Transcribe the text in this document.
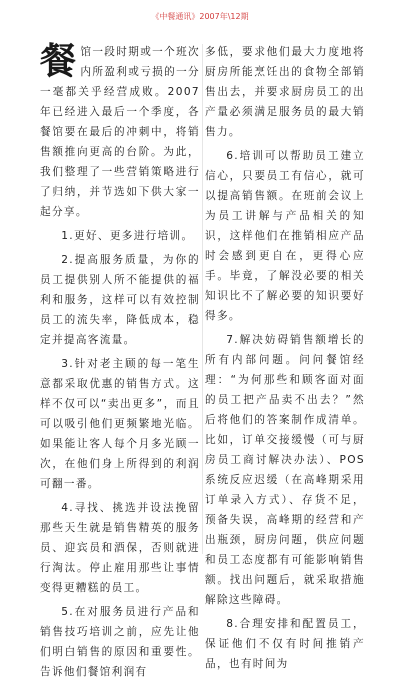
《中餐通讯》2007年\12期
餐 馆一段时期或一个班次内所盈利或亏损的一分一毫都关乎经营成败。2007年已经进入最后一个季度，各餐馆要在最后的冲刺中，将销售额推向更高的台阶。为此，我们整理了一些营销策略进行了归纳，并节选如下供大家一起分享。
1.更好、更多进行培训。
2.提高服务质量，为你的员工提供别人所不能提供的福利和服务，这样可以有效控制员工的流失率，降低成本，稳定并提高客流量。
3.针对老主顾的每一笔生意都采取优惠的销售方式。这样不仅可以“卖出更多”，而且可以吸引他们更频繁地光临。如果能让客人每个月多光顾一次，在他们身上所得到的利润可翻一番。
4.寻找、挑选并设法挽留那些天生就是销售精英的服务员、迎宾员和酒保，否则就进行淘汰。停止雇用那些让事情变得更糟糕的员工。
5.在对服务员进行产品和销售技巧培训之前，应先让他们明白销售的原因和重要性。告诉他们餐馆利润有
多低，要求他们最大力度地将厨房所能烹饪出的食物全部销售出去，并要求厨房员工的出产量必须满足服务员的最大销售力。
6.培训可以帮助员工建立信心，只要员工有信心，就可以提高销售额。在班前会议上为员工讲解与产品相关的知识，这样他们在推销相应产品时会感到更自在，更得心应手。毕竟，了解没必要的相关知识比不了解必要的知识要好得多。
7.解决妨碍销售额增长的所有内部问题。问问餐馆经理：“为何那些和顾客面对面的员工把产品卖不出去？”然后将他们的答案制作成清单。比如，订单交接缓慢（可与厨房员工商讨解决办法）、POS系统反应迟缓（在高峰期采用订单录入方式）、存货不足，预备失误，高峰期的经营和产出瓶颈，厨房问题，供应问题和员工态度都有可能影响销售额。找出问题后，就采取措施解除这些障碍。
8.合理安排和配置员工，保证他们不仅有时间推销产品，也有时间为
